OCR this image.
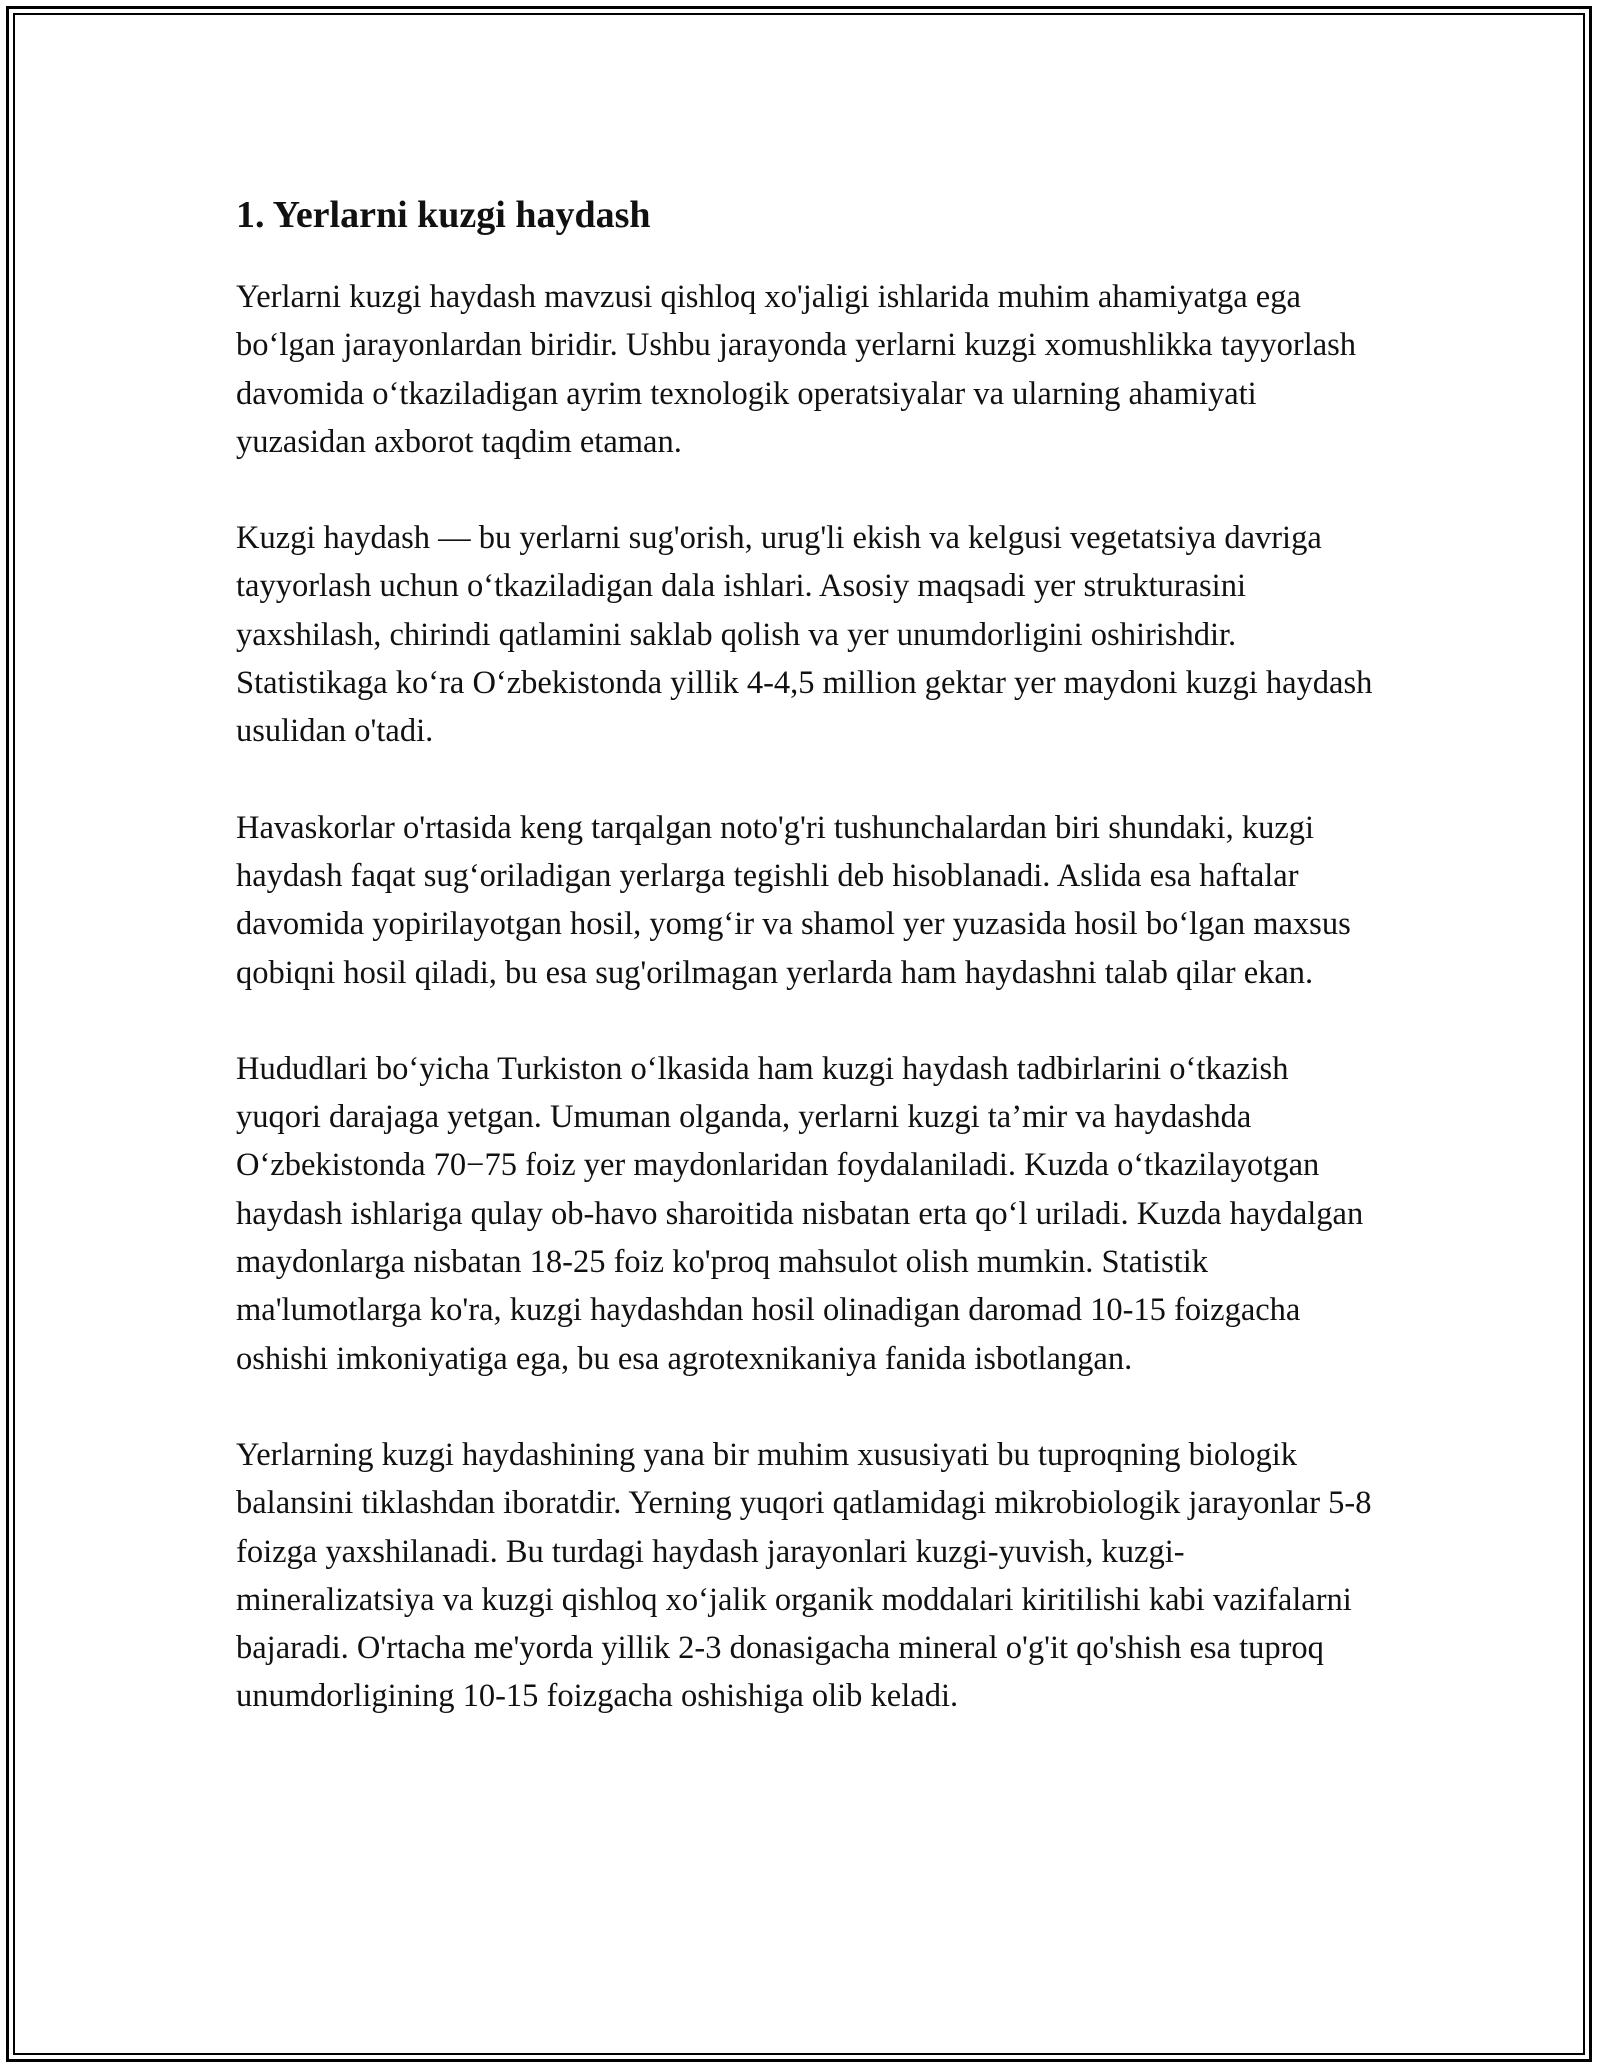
1. Yerlarni kuzgi haydash

Yerlarni kuzgi haydash mavzusi qishloq xo'jaligi ishlarida muhim ahamiyatga ega bo‘lgan jarayonlardan biridir. Ushbu jarayonda yerlarni kuzgi xomushlikka tayyorlash davomida o‘tkaziladigan ayrim texnologik operatsiyalar va ularning ahamiyati yuzasidan axborot taqdim etaman.

Kuzgi haydash — bu yerlarni sug'orish, urug'li ekish va kelgusi vegetatsiya davriga tayyorlash uchun o‘tkaziladigan dala ishlari. Asosiy maqsadi yer strukturasini yaxshilash, chirindi qatlamini saklab qolish va yer unumdorligini oshirishdir. Statistikaga ko‘ra O‘zbekistonda yillik 4-4,5 million gektar yer maydoni kuzgi haydash usulidan o'tadi.

Havaskorlar o'rtasida keng tarqalgan noto'g'ri tushunchalardan biri shundaki, kuzgi haydash faqat sug‘oriladigan yerlarga tegishli deb hisoblanadi. Aslida esa haftalar davomida yopirilayotgan hosil, yomg‘ir va shamol yer yuzasida hosil bo‘lgan maxsus qobiqni hosil qiladi, bu esa sug'orilmagan yerlarda ham haydashni talab qilar ekan.

Hududlari bo‘yicha Turkiston o‘lkasida ham kuzgi haydash tadbirlarini o‘tkazish yuqori darajaga yetgan. Umuman olganda, yerlarni kuzgi ta’mir va haydashda O‘zbekistonda 70−75 foiz yer maydonlaridan foydalaniladi. Kuzda o‘tkazilayotgan haydash ishlariga qulay ob-havo sharoitida nisbatan erta qo‘l uriladi. Kuzda haydalgan maydonlarga nisbatan 18-25 foiz ko'proq mahsulot olish mumkin. Statistik ma'lumotlarga ko'ra, kuzgi haydashdan hosil olinadigan daromad 10-15 foizgacha oshishi imkoniyatiga ega, bu esa agrotexnikaniya fanida isbotlangan.

Yerlarning kuzgi haydashining yana bir muhim xususiyati bu tuproqning biologik balansini tiklashdan iboratdir. Yerning yuqori qatlamidagi mikrobiologik jarayonlar 5-8 foizga yaxshilanadi. Bu turdagi haydash jarayonlari kuzgi-yuvish, kuzgi-mineralizatsiya va kuzgi qishloq xo‘jalik organik moddalari kiritilishi kabi vazifalarni bajaradi. O'rtacha me'yorda yillik 2-3 donasigacha mineral o'g'it qo'shish esa tuproq unumdorligining 10-15 foizgacha oshishiga olib keladi.
